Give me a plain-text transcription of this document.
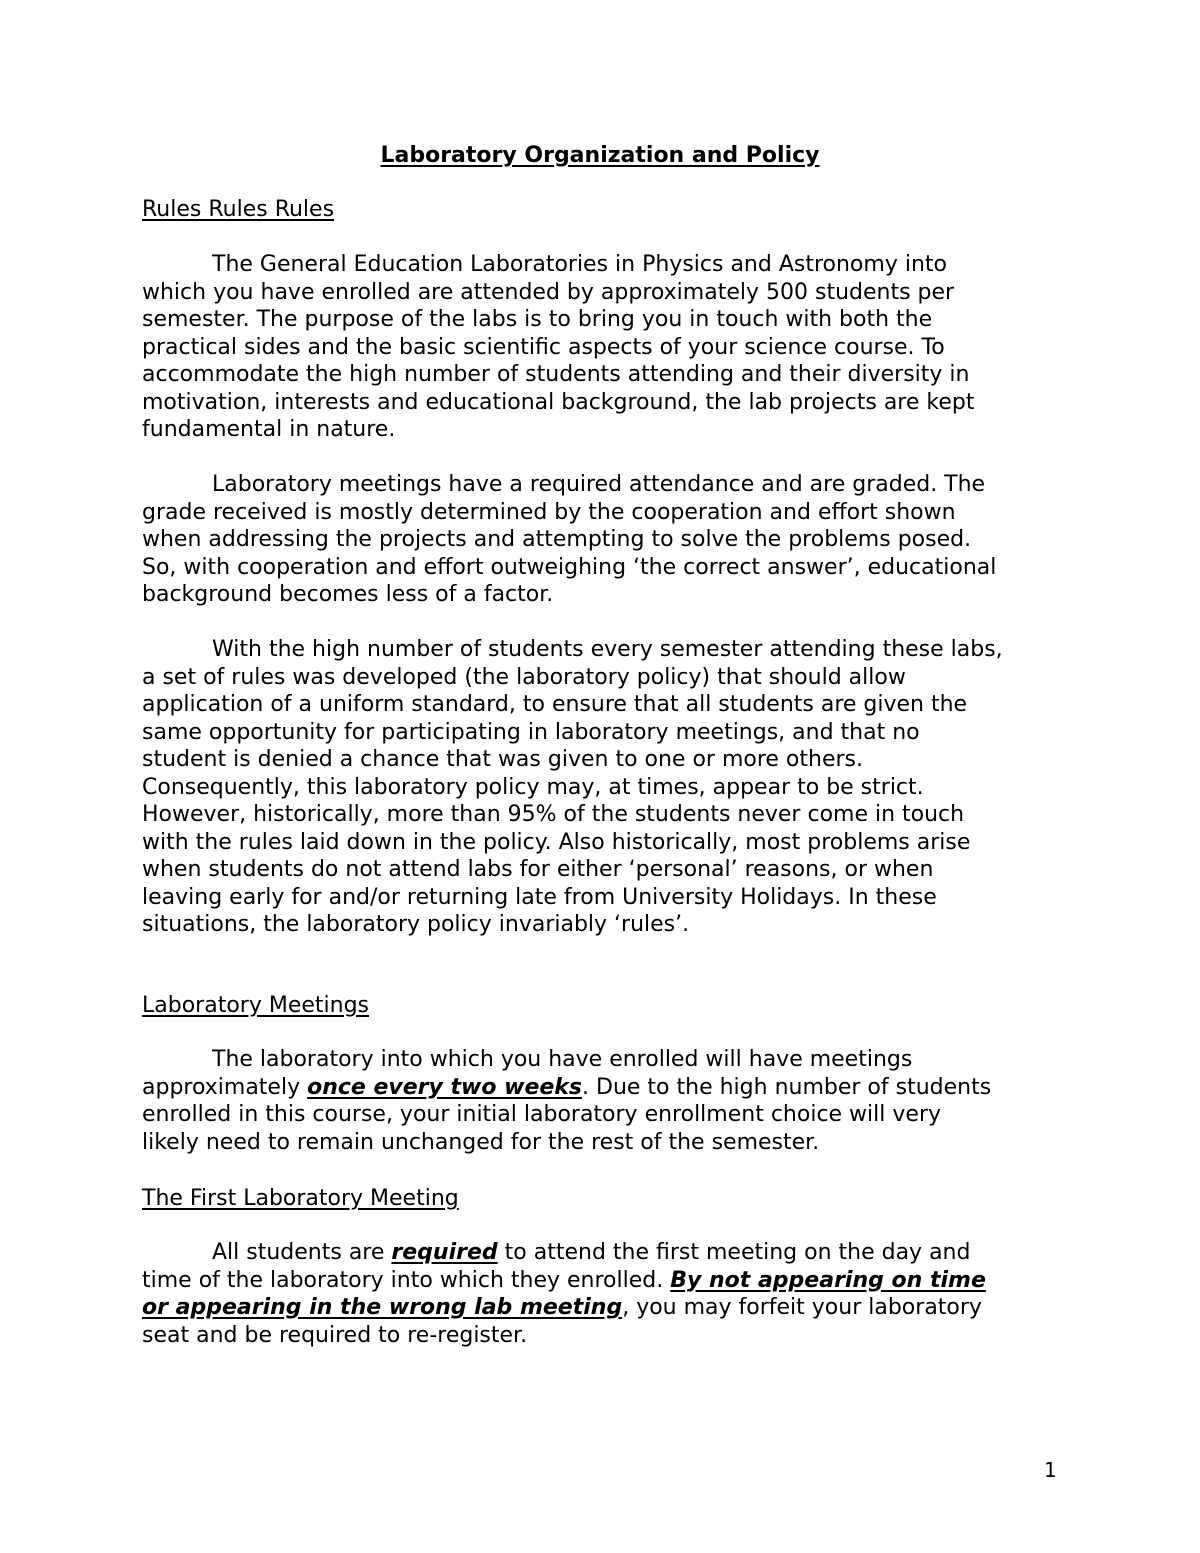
Laboratory Organization and Policy
Rules Rules Rules

The General Education Laboratories in Physics and Astronomy into
which you have enrolled are attended by approximately 500 students per
semester. The purpose of the labs is to bring you in touch with both the
practical sides and the basic scientific aspects of your science course. To
accommodate the high number of students attending and their diversity in
motivation, interests and educational background, the lab projects are kept
fundamental in nature.

Laboratory meetings have a required attendance and are graded. The
grade received is mostly determined by the cooperation and effort shown
when addressing the projects and attempting to solve the problems posed.
So, with cooperation and effort outweighing ‘the correct answer’, educational
background becomes less of a factor.

With the high number of students every semester attending these labs,
a set of rules was developed (the laboratory policy) that should allow
application of a uniform standard, to ensure that all students are given the
same opportunity for participating in laboratory meetings, and that no
student is denied a chance that was given to one or more others.
Consequently, this laboratory policy may, at times, appear to be strict.
However, historically, more than 95% of the students never come in touch
with the rules laid down in the policy. Also historically, most problems arise
when students do not attend labs for either ‘personal’ reasons, or when
leaving early for and/or returning late from University Holidays. In these
situations, the laboratory policy invariably ‘rules’.

Laboratory Meetings

The laboratory into which you have enrolled will have meetings
approximately once every two weeks. Due to the high number of students
enrolled in this course, your initial laboratory enrollment choice will very
likely need to remain unchanged for the rest of the semester.

The First Laboratory Meeting

All students are required to attend the first meeting on the day and
time of the laboratory into which they enrolled. By not appearing on time
or appearing in the wrong lab meeting, you may forfeit your laboratory
seat and be required to re-register.

1
